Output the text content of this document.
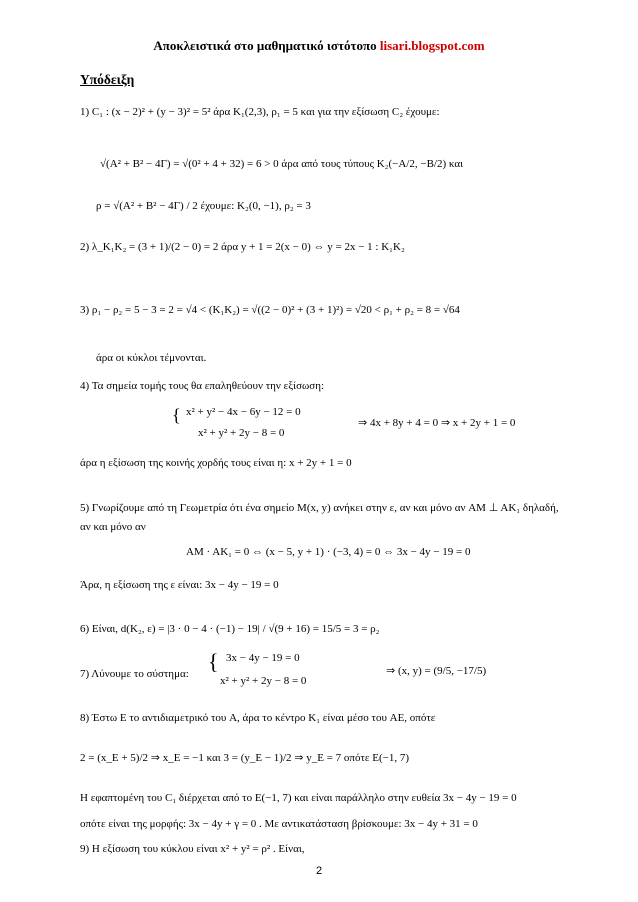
Αποκλειστικά στο μαθηματικό ιστότοπο lisari.blogspot.com
Υπόδειξη
1) C₁ : (x − 2)² + (y − 3)² = 5² άρα K₁(2,3), ρ₁ = 5 και για την εξίσωση C₂ έχουμε:
√(A² + B² − 4Γ) = √(0² + 4 + 32) = 6 > 0 άρα από τους τύπους K₂(−A/2, −B/2) και
ρ = √(A² + B² − 4Γ) / 2 έχουμε: K₂(0, −1), ρ₂ = 3
2) λ_K₁K₂ = (3 + 1)/(2 − 0) = 2 άρα y + 1 = 2(x − 0) ⇔ y = 2x − 1 : K₁K₂
3) ρ₁ − ρ₂ = 5 − 3 = 2 = √4 < (K₁K₂) = √((2 − 0)² + (3 + 1)²) = √20 < ρ₁ + ρ₂ = 8 = √64
άρα οι κύκλοι τέμνονται.
4) Τα σημεία τομής τους θα επαληθεύουν την εξίσωση:
{ x² + y² − 4x − 6y − 12 = 0
x² + y² + 2y − 8 = 0
⇒ 4x + 8y + 4 = 0 ⇒ x + 2y + 1 = 0
άρα η εξίσωση της κοινής χορδής τους είναι η: x + 2y + 1 = 0
5) Γνωρίζουμε από τη Γεωμετρία ότι ένα σημείο M(x, y) ανήκει στην ε, αν και μόνο αν AM ⊥ AK₁ δηλαδή,
αν και μόνο αν
AM · AK₁ = 0 ⇔ (x − 5, y + 1) · (−3, 4) = 0 ⇔ 3x − 4y − 19 = 0
Άρα, η εξίσωση της ε είναι: 3x − 4y − 19 = 0
6) Είναι, d(K₂, ε) = |3 · 0 − 4 · (−1) − 19| / √(9 + 16) = 15/5 = 3 = ρ₂
7) Λύνουμε το σύστημα: { 3x − 4y − 19 = 0
x² + y² + 2y − 8 = 0
⇒ (x, y) = (9/5, −17/5)
8) Έστω E το αντιδιαμετρικό του A, άρα το κέντρο K₁ είναι μέσο του AE, οπότε
2 = (x_E + 5)/2 ⇒ x_E = −1 και 3 = (y_E − 1)/2 ⇒ y_E = 7 οπότε E(−1, 7)
Η εφαπτομένη του C₁ διέρχεται από το E(−1, 7) και είναι παράλληλο στην ευθεία 3x − 4y − 19 = 0
οπότε είναι της μορφής: 3x − 4y + γ = 0 . Με αντικατάσταση βρίσκουμε: 3x − 4y + 31 = 0
9) Η εξίσωση του κύκλου είναι x² + y² = ρ² . Είναι,
2
